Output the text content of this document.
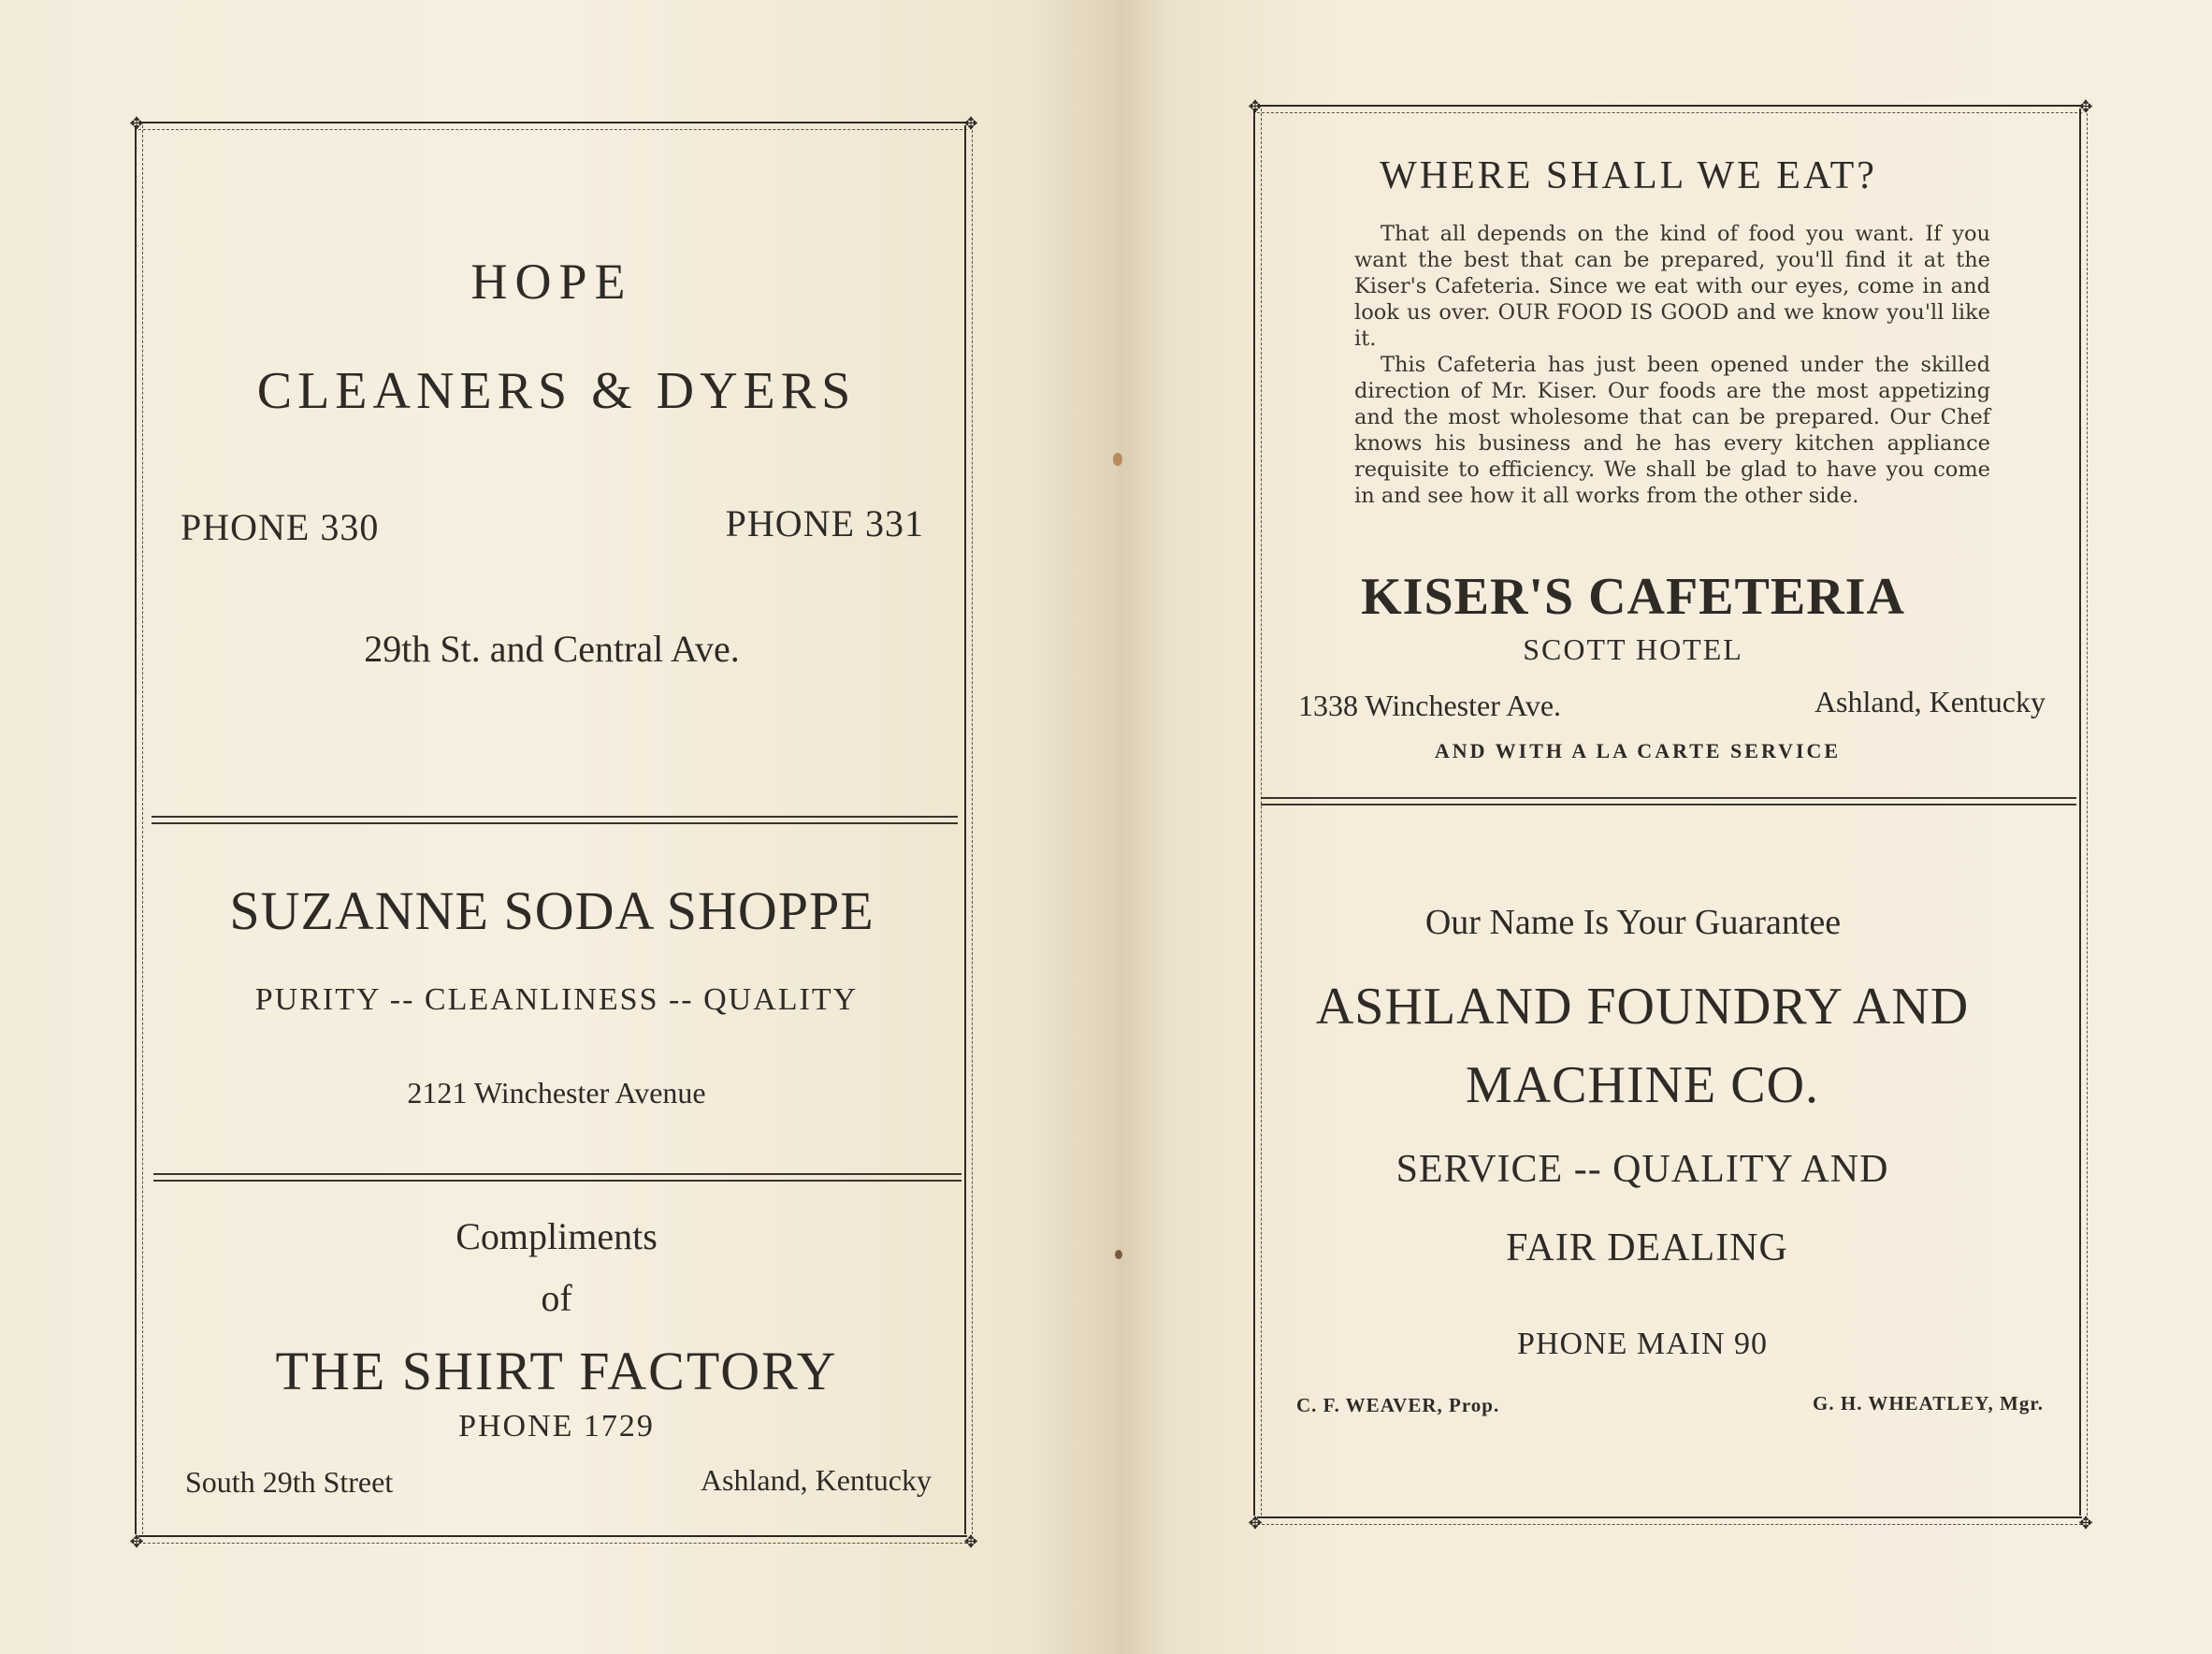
✥	✥
✥	✥
HOPE
CLEANERS & DYERS
PHONE 330	PHONE 331
29th St. and Central Ave.
SUZANNE SODA SHOPPE
PURITY -- CLEANLINESS -- QUALITY
2121 Winchester Avenue
Compliments
of
THE SHIRT FACTORY
PHONE 1729
South 29th Street	Ashland, Kentucky
✥	✥
✥	✥
WHERE SHALL WE EAT?

That all depends on the kind of food you want. If you want the best that can be prepared, you'll find it at the Kiser's Cafeteria. Since we eat with our eyes, come in and look us over. OUR FOOD IS GOOD and we know you'll like it.

This Cafeteria has just been opened under the skilled direction of Mr. Kiser. Our foods are the most appetizing and the most wholesome that can be prepared. Our Chef knows his business and he has every kitchen appliance requisite to efficiency. We shall be glad to have you come in and see how it all works from the other side.

KISER'S CAFETERIA
SCOTT HOTEL
1338 Winchester Ave.	Ashland, Kentucky
AND WITH A LA CARTE SERVICE
Our Name Is Your Guarantee
ASHLAND FOUNDRY AND
MACHINE CO.
SERVICE -- QUALITY AND
FAIR DEALING
PHONE MAIN 90
C. F. WEAVER, Prop.	G. H. WHEATLEY, Mgr.
